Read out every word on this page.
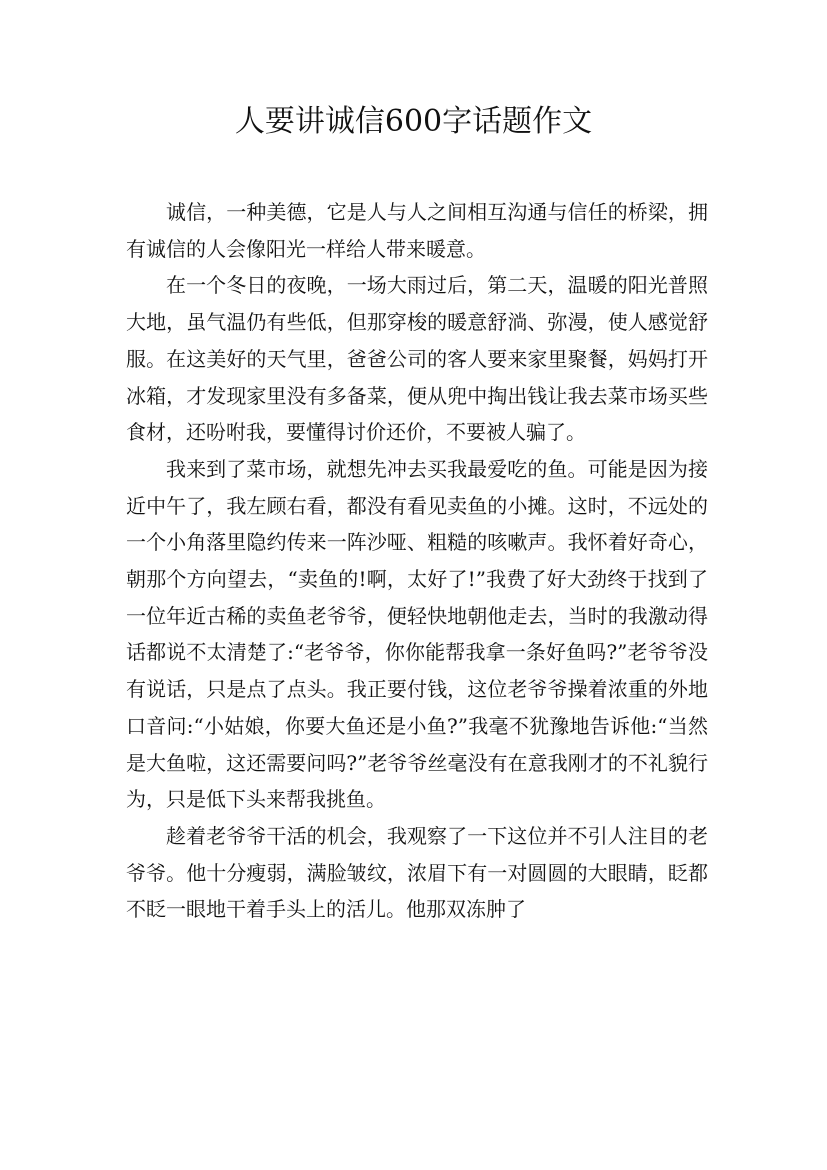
人要讲诚信600字话题作文

诚信，一种美德，它是人与人之间相互沟通与信任的桥梁，拥有诚信的人会像阳光一样给人带来暖意。

在一个冬日的夜晚，一场大雨过后，第二天，温暖的阳光普照大地，虽气温仍有些低，但那穿梭的暖意舒淌、弥漫，使人感觉舒服。在这美好的天气里，爸爸公司的客人要来家里聚餐，妈妈打开冰箱，才发现家里没有多备菜，便从兜中掏出钱让我去菜市场买些食材，还吩咐我，要懂得讨价还价，不要被人骗了。

我来到了菜市场，就想先冲去买我最爱吃的鱼。可能是因为接近中午了，我左顾右看，都没有看见卖鱼的小摊。这时，不远处的一个小角落里隐约传来一阵沙哑、粗糙的咳嗽声。我怀着好奇心，朝那个方向望去，“卖鱼的!啊，太好了!”我费了好大劲终于找到了一位年近古稀的卖鱼老爷爷，便轻快地朝他走去，当时的我激动得话都说不太清楚了:“老爷爷，你你能帮我拿一条好鱼吗?”老爷爷没有说话，只是点了点头。我正要付钱，这位老爷爷操着浓重的外地口音问:“小姑娘，你要大鱼还是小鱼?”我毫不犹豫地告诉他:“当然是大鱼啦，这还需要问吗?”老爷爷丝毫没有在意我刚才的不礼貌行为，只是低下头来帮我挑鱼。

趁着老爷爷干活的机会，我观察了一下这位并不引人注目的老爷爷。他十分瘦弱，满脸皱纹，浓眉下有一对圆圆的大眼睛，眨都不眨一眼地干着手头上的活儿。他那双冻肿了
